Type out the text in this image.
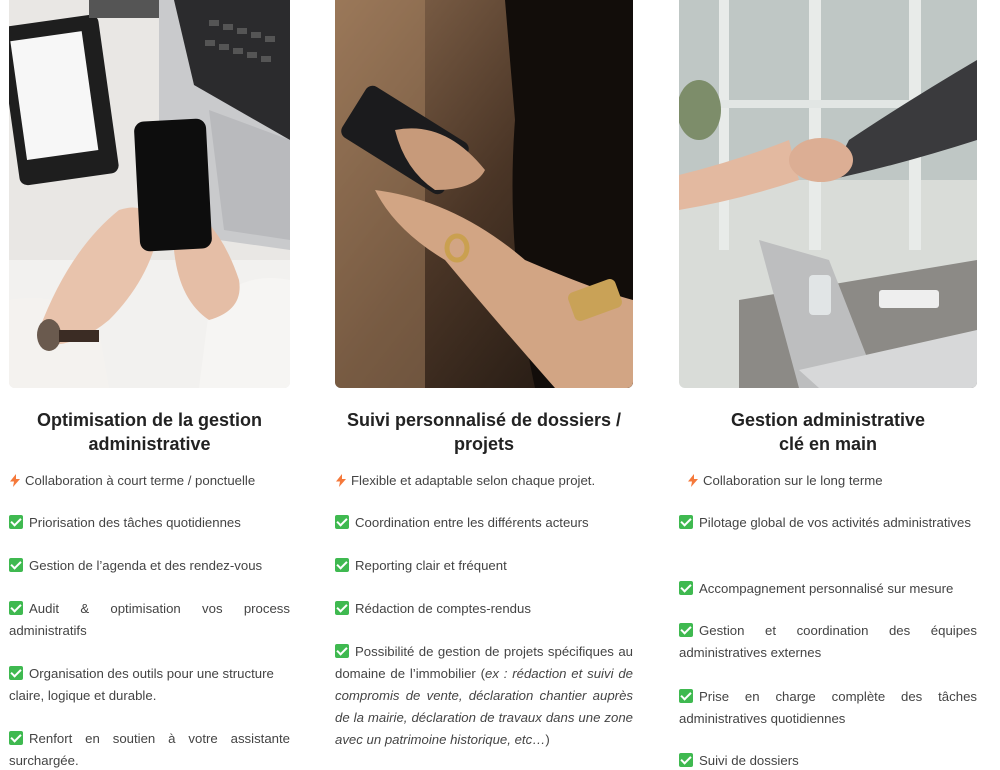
Optimisation de la gestion administrative
Collaboration à court terme / ponctuelle
Priorisation des tâches quotidiennes
Gestion de l’agenda et des rendez-vous
Audit & optimisation vos process administratifs
Organisation des outils pour une structure claire, logique et durable.
Renfort en soutien à votre assistante surchargée.
Suivi personnalisé de dossiers / projets
Flexible et adaptable selon chaque projet.
Coordination entre les différents acteurs
Reporting clair et fréquent
Rédaction de comptes-rendus
Possibilité de gestion de projets spécifiques au domaine de l’immobilier (ex : rédaction et suivi de compromis de vente, déclaration chantier auprès de la mairie, déclaration de travaux dans une zone avec un patrimoine historique, etc…)
Gestion administrative clé en main
Collaboration sur le long terme
Pilotage global de vos activités administratives
Accompagnement personnalisé sur mesure
Gestion et coordination des équipes administratives externes
Prise en charge complète des tâches administratives quotidiennes
Suivi de dossiers
